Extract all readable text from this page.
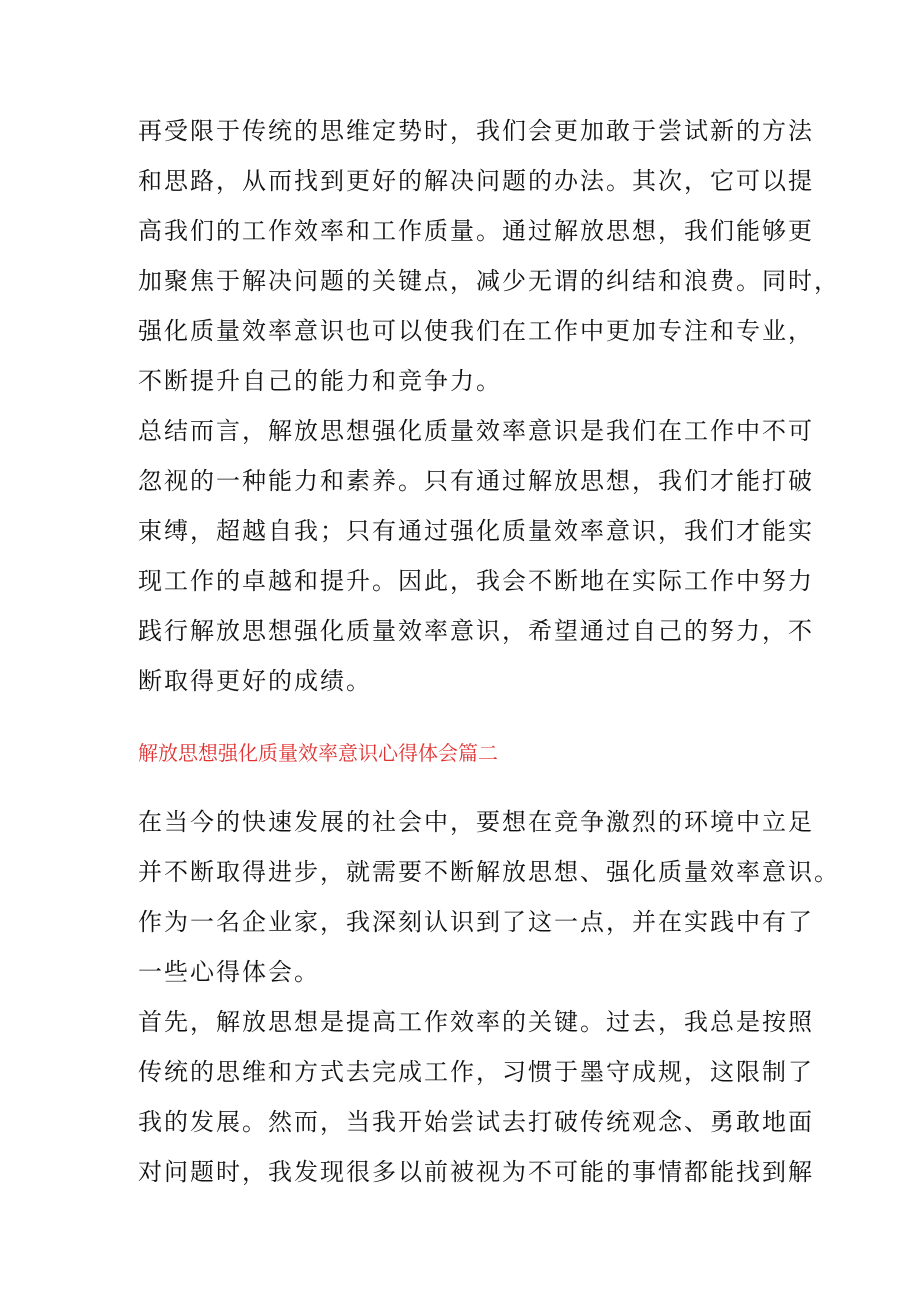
再受限于传统的思维定势时，我们会更加敢于尝试新的方法
和思路，从而找到更好的解决问题的办法。其次，它可以提
高我们的工作效率和工作质量。通过解放思想，我们能够更
加聚焦于解决问题的关键点，减少无谓的纠结和浪费。同时，
强化质量效率意识也可以使我们在工作中更加专注和专业，
不断提升自己的能力和竞争力。
总结而言，解放思想强化质量效率意识是我们在工作中不可
忽视的一种能力和素养。只有通过解放思想，我们才能打破
束缚，超越自我；只有通过强化质量效率意识，我们才能实
现工作的卓越和提升。因此，我会不断地在实际工作中努力
践行解放思想强化质量效率意识，希望通过自己的努力，不
断取得更好的成绩。
解放思想强化质量效率意识心得体会篇二
在当今的快速发展的社会中，要想在竞争激烈的环境中立足
并不断取得进步，就需要不断解放思想、强化质量效率意识。
作为一名企业家，我深刻认识到了这一点，并在实践中有了
一些心得体会。
首先，解放思想是提高工作效率的关键。过去，我总是按照
传统的思维和方式去完成工作，习惯于墨守成规，这限制了
我的发展。然而，当我开始尝试去打破传统观念、勇敢地面
对问题时，我发现很多以前被视为不可能的事情都能找到解
